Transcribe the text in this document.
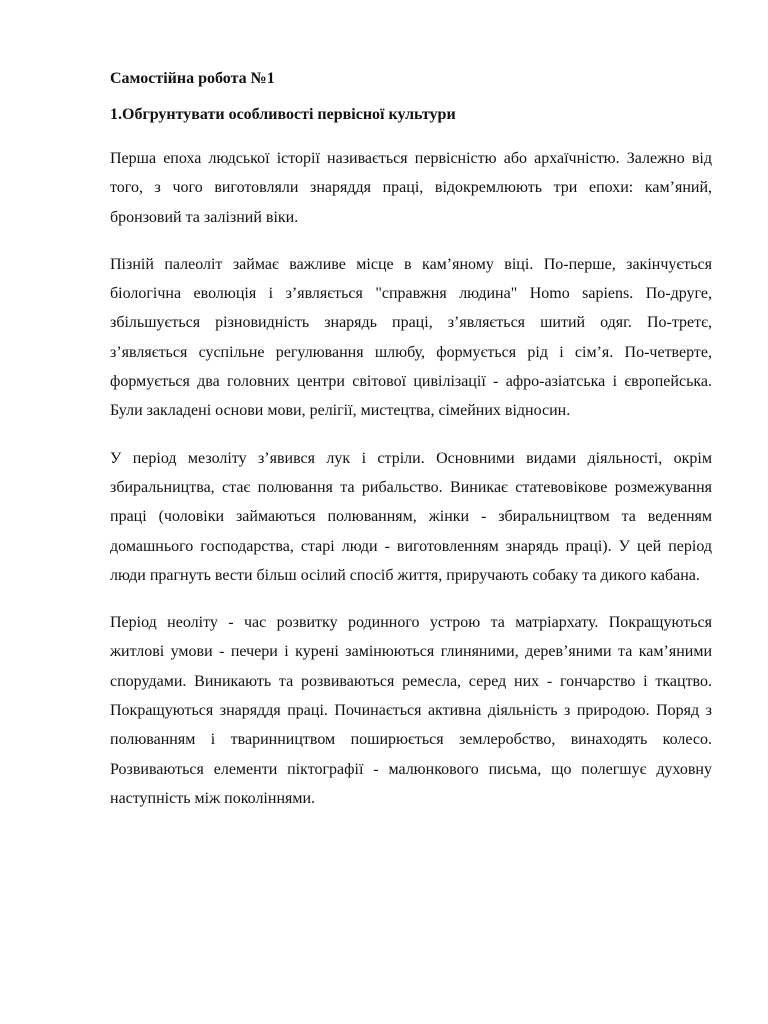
Самостійна робота №1

1.Обгрунтувати особливості первісної культури

Перша епоха людської історії називається первісністю або архаїчністю. Залежно від того, з чого виготовляли знаряддя праці, відокремлюють три епохи: кам’яний, бронзовий та залізний віки.

Пізній палеоліт займає важливе місце в кам’яному віці. По-перше, закінчується біологічна еволюція і з’являється "справжня людина" Homo sapiens. По-друге, збільшується різновидність знарядь праці, з’являється шитий одяг. По-третє, з’являється суспільне регулювання шлюбу, формується рід і сім’я. По-четверте, формується два головних центри світової цивілізації - афро-азіатська і європейська. Були закладені основи мови, релігії, мистецтва, сімейних відносин.

У період мезоліту з’явився лук і стріли. Основними видами діяльності, окрім збиральництва, стає полювання та рибальство. Виникає статевовікове розмежування праці (чоловіки займаються полюванням, жінки - збиральництвом та веденням домашнього господарства, старі люди - виготовленням знарядь праці). У цей період люди прагнуть вести більш осілий спосіб життя, приручають собаку та дикого кабана.

Період неоліту - час розвитку родинного устрою та матріархату. Покращуються житлові умови - печери і курені замінюються глиняними, дерев’яними та кам’яними спорудами. Виникають та розвиваються ремесла, серед них - гончарство і ткацтво. Покращуються знаряддя праці. Починається активна діяльність з природою. Поряд з полюванням і тваринництвом поширюється землеробство, винаходять колесо. Розвиваються елементи піктографії - малюнкового письма, що полегшує духовну наступність між поколіннями.
